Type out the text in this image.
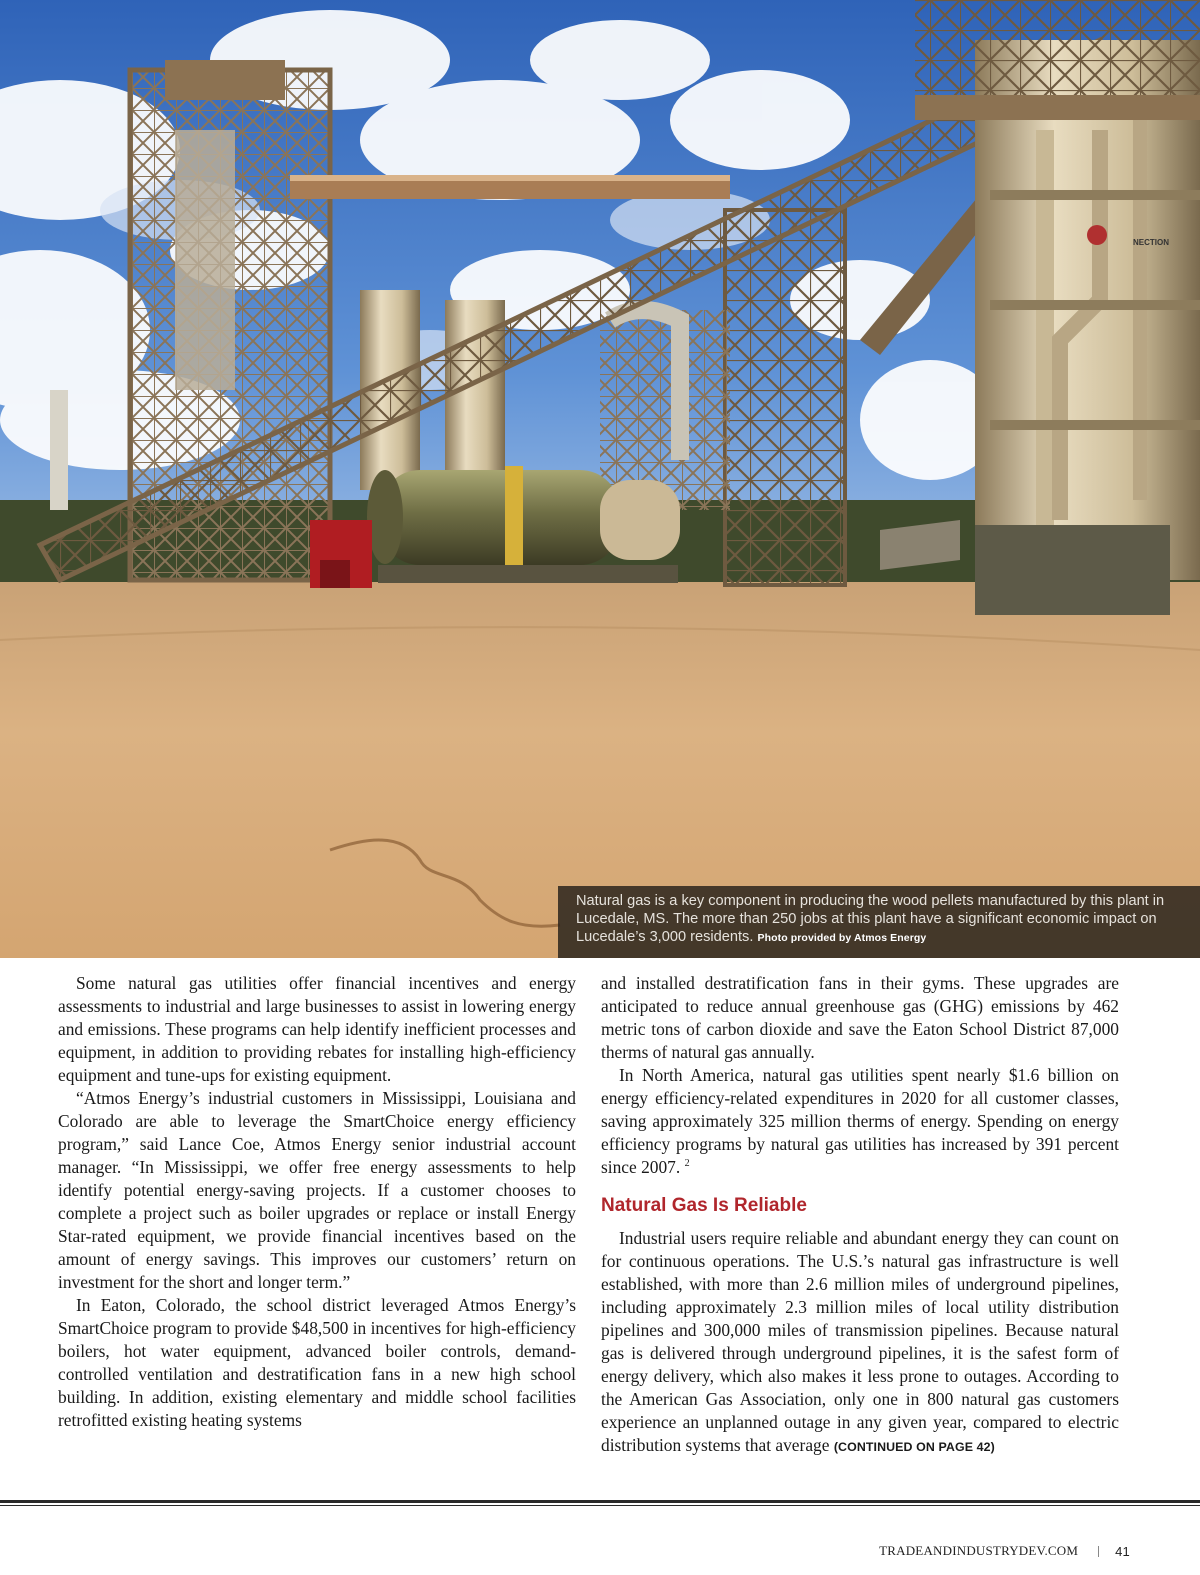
NECTION
Natural gas is a key component in producing the wood pellets manufactured by this plant in Lucedale, MS. The more than 250 jobs at this plant have a significant economic impact on Lucedale’s 3,000 residents. Photo provided by Atmos Energy

Some natural gas utilities offer financial incentives and energy assessments to industrial and large businesses to assist in lowering energy and emissions. These programs can help identify inefficient processes and equipment, in addition to providing rebates for installing high-efficiency equipment and tune-ups for existing equipment.

“Atmos Energy’s industrial customers in Mississippi, Louisiana and Colorado are able to leverage the SmartChoice energy efficiency program,” said Lance Coe, Atmos Energy senior industrial account manager. “In Mississippi, we offer free energy assessments to help identify potential energy-saving projects. If a customer chooses to complete a project such as boiler upgrades or replace or install Energy Star-rated equipment, we provide financial incentives based on the amount of energy savings. This improves our customers’ return on investment for the short and longer term.”

In Eaton, Colorado, the school district leveraged Atmos Energy’s SmartChoice program to provide $48,500 in incentives for high-efficiency boilers, hot water equipment, advanced boiler controls, demand-controlled ventilation and destratification fans in a new high school building. In addition, existing elementary and middle school facilities retrofitted existing heating systems

and installed destratification fans in their gyms. These upgrades are anticipated to reduce annual greenhouse gas (GHG) emissions by 462 metric tons of carbon dioxide and save the Eaton School District 87,000 therms of natural gas annually.

In North America, natural gas utilities spent nearly $1.6 billion on energy efficiency-related expenditures in 2020 for all customer classes, saving approximately 325 million therms of energy. Spending on energy efficiency programs by natural gas utilities has increased by 391 percent since 2007. $^2$

Natural Gas Is Reliable

Industrial users require reliable and abundant energy they can count on for continuous operations. The U.S.’s natural gas infrastructure is well established, with more than 2.6 million miles of underground pipelines, including approximately 2.3 million miles of local utility distribution pipelines and 300,000 miles of transmission pipelines. Because natural gas is delivered through underground pipelines, it is the safest form of energy delivery, which also makes it less prone to outages. According to the American Gas Association, only one in 800 natural gas customers experience an unplanned outage in any given year, compared to electric distribution systems that average (CONTINUED ON PAGE 42)

TRADEANDINDUSTRYDEV.COM	41
